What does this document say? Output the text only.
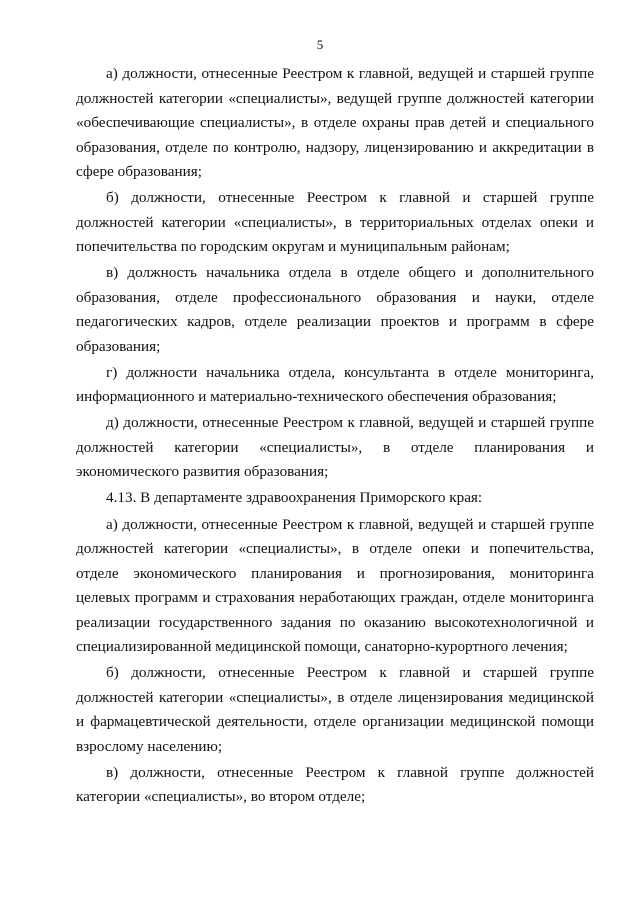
5

а) должности, отнесенные Реестром к главной, ведущей и старшей группе должностей категории «специалисты», ведущей группе должностей категории «обеспечивающие специалисты», в отделе охраны прав детей и специального образования, отделе по контролю, надзору, лицензированию и аккредитации в сфере образования;

б) должности, отнесенные Реестром к главной и старшей группе должностей категории «специалисты», в территориальных отделах опеки и попечительства по городским округам и муниципальным районам;

в) должность начальника отдела в отделе общего и дополнительного образования, отделе профессионального образования и науки, отделе педагогических кадров, отделе реализации проектов и программ в сфере образования;

г) должности начальника отдела, консультанта в отделе мониторинга, информационного и материально-технического обеспечения образования;

д) должности, отнесенные Реестром к главной, ведущей и старшей группе должностей категории «специалисты», в отделе планирования и экономического развития образования;

4.13. В департаменте здравоохранения Приморского края:

а) должности, отнесенные Реестром к главной, ведущей и старшей группе должностей категории «специалисты», в отделе опеки и попечительства, отделе экономического планирования и прогнозирования, мониторинга целевых программ и страхования неработающих граждан, отделе мониторинга реализации государственного задания по оказанию высокотехнологичной и специализированной медицинской помощи, санаторно-курортного лечения;

б) должности, отнесенные Реестром к главной и старшей группе должностей категории «специалисты», в отделе лицензирования медицинской и фармацевтической деятельности, отделе организации медицинской помощи взрослому населению;

в) должности, отнесенные Реестром к главной группе должностей категории «специалисты», во втором отделе;
